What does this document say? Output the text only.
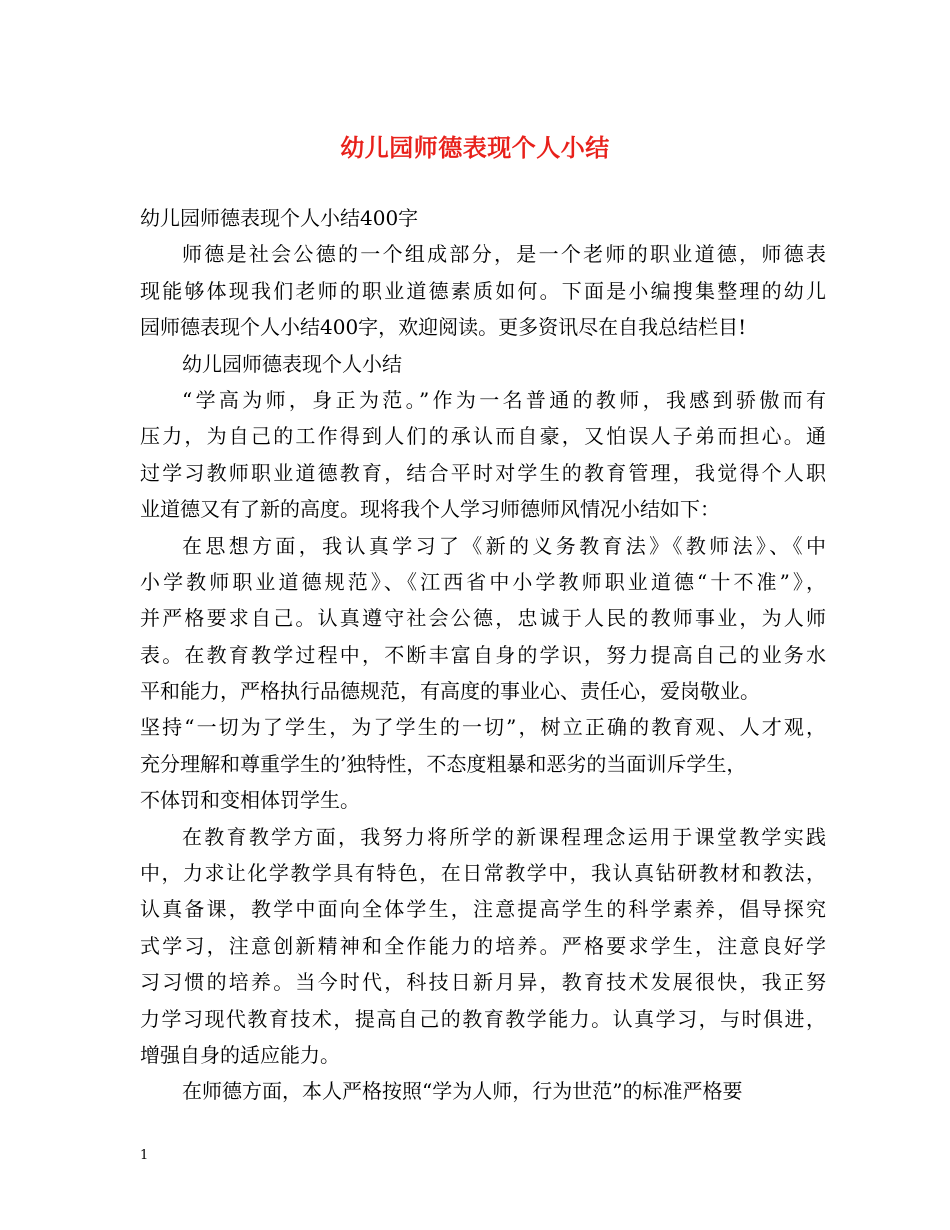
幼儿园师德表现个人小结
幼儿园师德表现个人小结400字
师德是社会公德的一个组成部分，是一个老师的职业道德，师德表
现能够体现我们老师的职业道德素质如何。下面是小编搜集整理的幼儿
园师德表现个人小结400字，欢迎阅读。更多资讯尽在自我总结栏目!
幼儿园师德表现个人小结
“学高为师，身正为范。”作为一名普通的教师，我感到骄傲而有
压力，为自己的工作得到人们的承认而自豪，又怕误人子弟而担心。通
过学习教师职业道德教育，结合平时对学生的教育管理，我觉得个人职
业道德又有了新的高度。现将我个人学习师德师风情况小结如下：
在思想方面，我认真学习了《新的义务教育法》《教师法》、《中
小学教师职业道德规范》、《江西省中小学教师职业道德“十不准”》，
并严格要求自己。认真遵守社会公德，忠诚于人民的教师事业，为人师
表。在教育教学过程中，不断丰富自身的学识，努力提高自己的业务水
平和能力，严格执行品德规范，有高度的事业心、责任心，爱岗敬业。
坚持“一切为了学生，为了学生的一切”，树立正确的教育观、人才观，
充分理解和尊重学生的’独特性，不态度粗暴和恶劣的当面训斥学生，
不体罚和变相体罚学生。
在教育教学方面，我努力将所学的新课程理念运用于课堂教学实践
中，力求让化学教学具有特色，在日常教学中，我认真钻研教材和教法，
认真备课，教学中面向全体学生，注意提高学生的科学素养，倡导探究
式学习，注意创新精神和全作能力的培养。严格要求学生，注意良好学
习习惯的培养。当今时代，科技日新月异，教育技术发展很快，我正努
力学习现代教育技术，提高自己的教育教学能力。认真学习，与时俱进，
增强自身的适应能力。
在师德方面，本人严格按照“学为人师，行为世范”的标准严格要
1
